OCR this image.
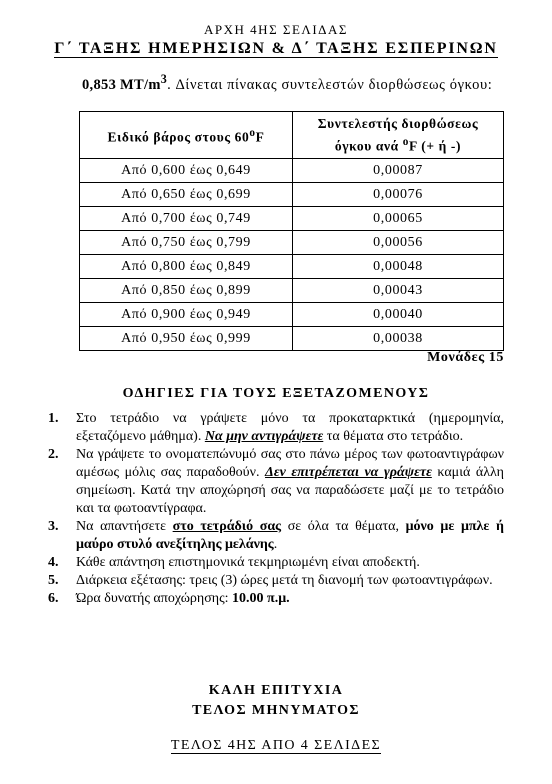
ΑΡΧΗ 4ΗΣ ΣΕΛΙΔΑΣ
Γ΄ ΤΑΞΗΣ ΗΜΕΡΗΣΙΩΝ & Δ΄ ΤΑΞΗΣ ΕΣΠΕΡΙΝΩΝ
0,853 $MT/m^3$. Δίνεται πίνακας συντελεστών διορθώσεως όγκου:
Ειδικό βάρος στους $60^oF$	Συντελεστής διορθώσεως
όγκου ανά $^o$F (+ ή -)
Από 0,600 έως 0,649	0,00087
Από 0,650 έως 0,699	0,00076
Από 0,700 έως 0,749	0,00065
Από 0,750 έως 0,799	0,00056
Από 0,800 έως 0,849	0,00048
Από 0,850 έως 0,899	0,00043
Από 0,900 έως 0,949	0,00040
Από 0,950 έως 0,999	0,00038
Μονάδες 15
ΟΔΗΓΙΕΣ ΓΙΑ ΤΟΥΣ ΕΞΕΤΑΖΟΜΕΝΟΥΣ
1. Στο τετράδιο να γράψετε μόνο τα προκαταρκτικά (ημερομηνία, εξεταζόμενο μάθημα). Να μην αντιγράψετε τα θέματα στο τετράδιο.
2. Να γράψετε το ονοματεπώνυμό σας στο πάνω μέρος των φωτοαντιγράφων αμέσως μόλις σας παραδοθούν. Δεν επιτρέπεται να γράψετε καμιά άλλη σημείωση. Κατά την αποχώρησή σας να παραδώσετε μαζί με το τετράδιο και τα φωτοαντίγραφα.
3. Να απαντήσετε στο τετράδιό σας σε όλα τα θέματα, μόνο με μπλε ή μαύρο στυλό ανεξίτηλης μελάνης.
4. Κάθε απάντηση επιστημονικά τεκμηριωμένη είναι αποδεκτή.
5. Διάρκεια εξέτασης: τρεις (3) ώρες μετά τη διανομή των φωτοαντιγράφων.
6. Ώρα δυνατής αποχώρησης: 10.00 π.μ.
ΚΑΛΗ ΕΠΙΤΥΧΙΑ
ΤΕΛΟΣ ΜΗΝΥΜΑΤΟΣ
ΤΕΛΟΣ 4ΗΣ ΑΠΟ 4 ΣΕΛΙΔΕΣ
